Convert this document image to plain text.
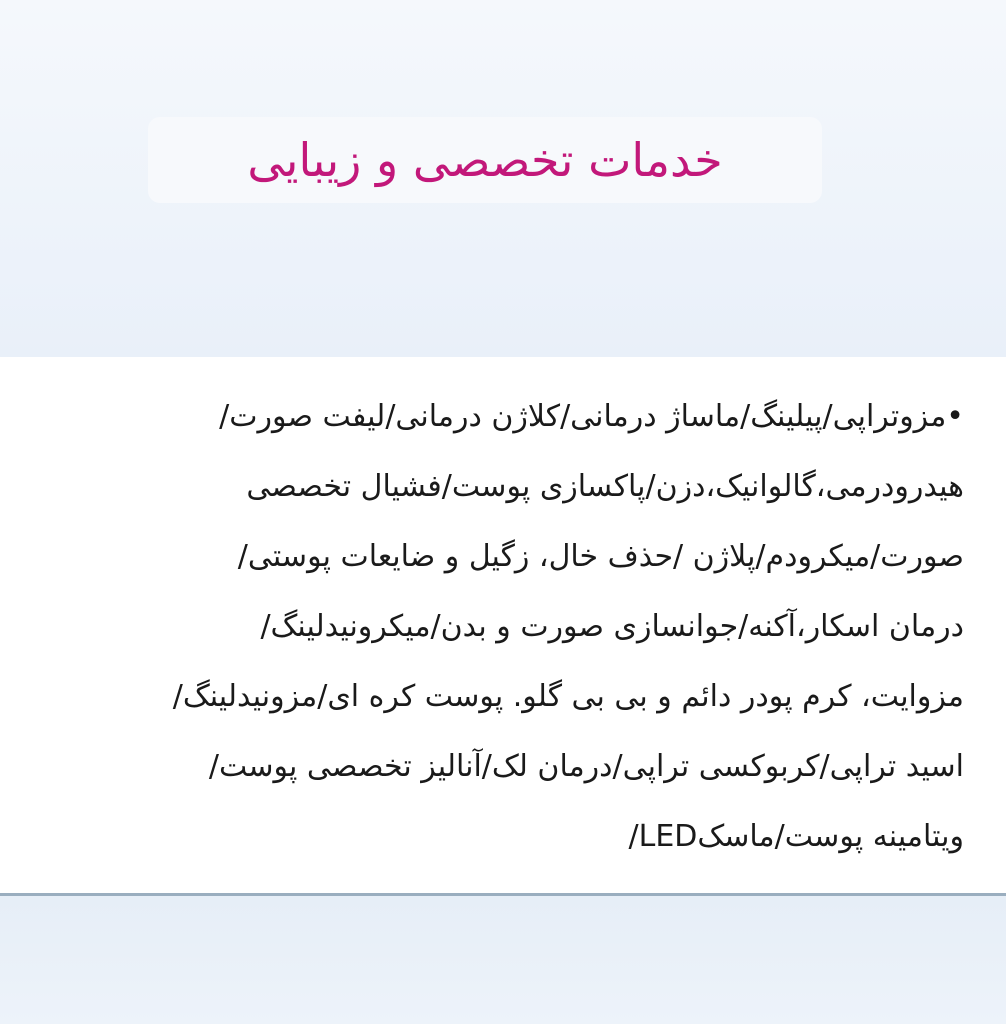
خدمات تخصصی و زیبایی
•مزوتراپی/پیلینگ/ماساژ درمانی/کلاژن درمانی/لیفت صورت/
هیدرودرمی،گالوانیک،دزن/پاکسازی پوست/فشیال تخصصی
صورت/میکرودم/پلاژن /حذف خال، زگیل و ضایعات پوستی/
درمان اسکار،آکنه/جوانسازی صورت و بدن/میکرونیدلینگ/
مزوایت، کرم پودر دائم و بی بی گلو. پوست کره ای/مزونیدلینگ/
اسید تراپی/کربوکسی تراپی/درمان لک/آنالیز تخصصی پوست/
ویتامینه پوست/ماسکLED/
